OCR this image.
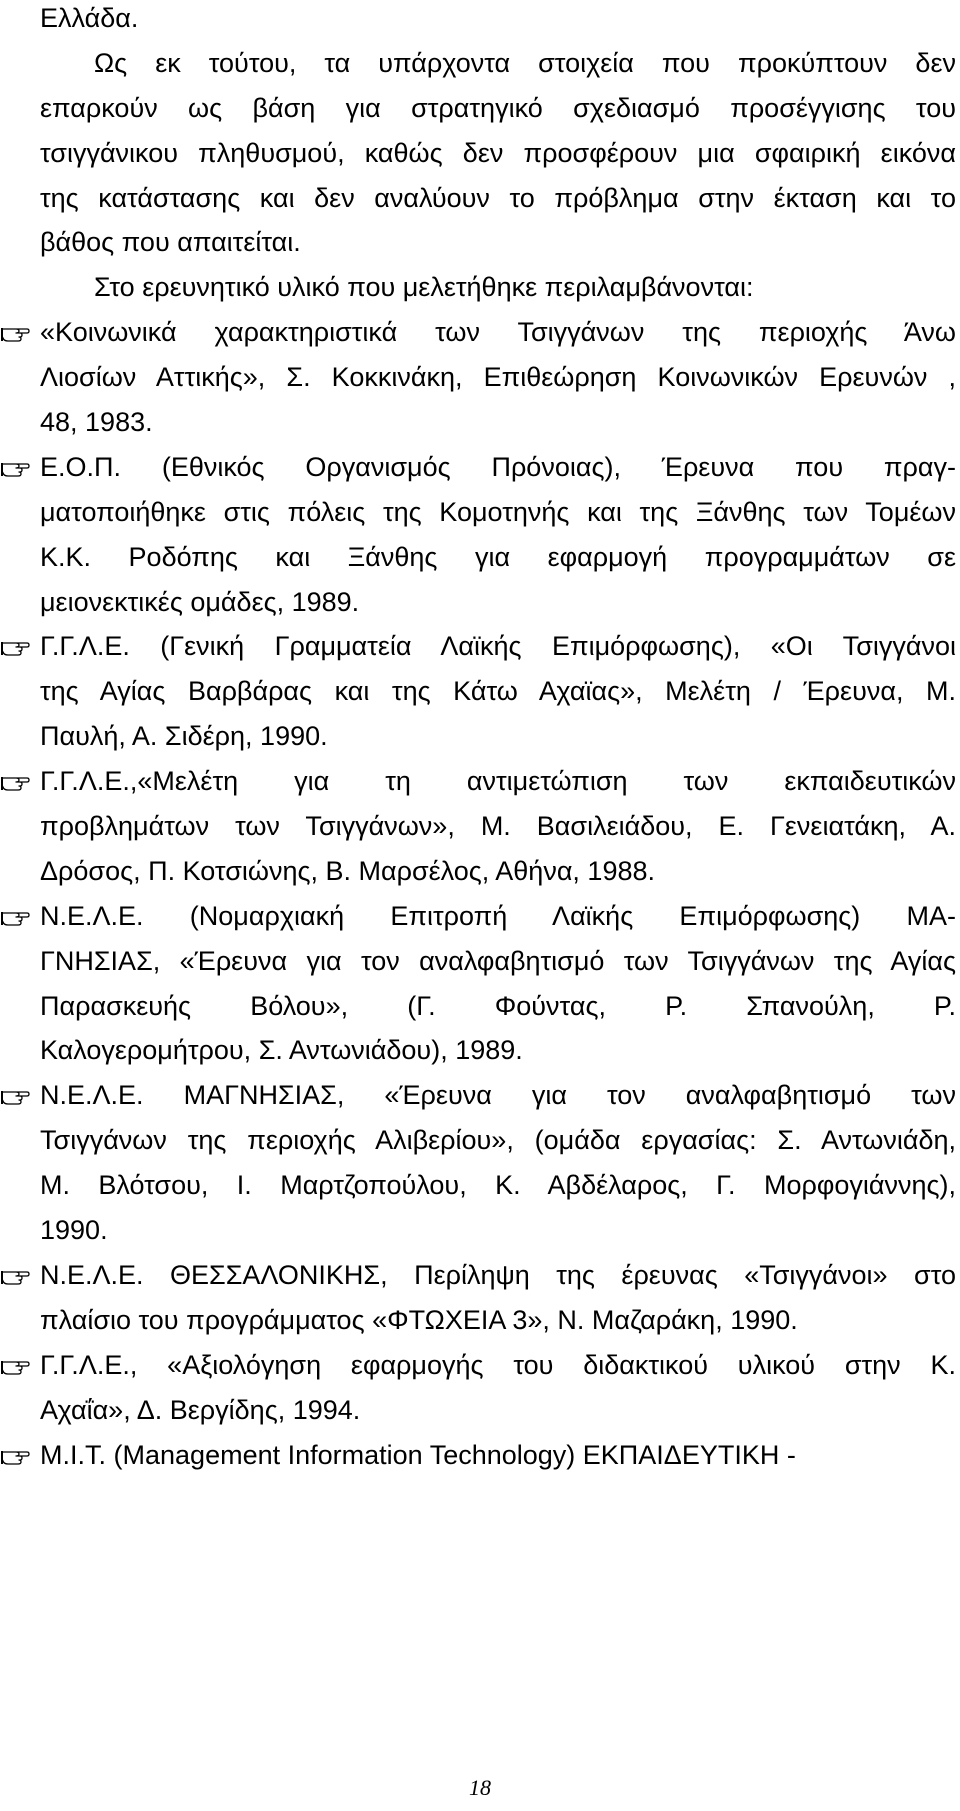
Ελλάδα.
Ως εκ τούτου, τα υπάρχοντα στοιχεία που προκύπτουν δεν
επαρκούν ως βάση για στρατηγικό σχεδιασμό προσέγγισης του
τσιγγάνικου πληθυσμού, καθώς δεν προσφέρουν μια σφαιρική εικόνα
της κατάστασης και δεν αναλύουν το πρόβλημα στην έκταση και το
βάθος που απαιτείται.
Στο ερευνητικό υλικό που μελετήθηκε περιλαμβάνονται:
«Κοινωνικά χαρακτηριστικά των Τσιγγάνων της περιοχής Άνω
Λιοσίων Αττικής», Σ. Κοκκινάκη, Επιθεώρηση Κοινωνικών Ερευνών ,
48, 1983.
Ε.Ο.Π. (Εθνικός Οργανισμός Πρόνοιας), Έρευνα που πραγ-
ματοποιήθηκε στις πόλεις της Κομοτηνής και της Ξάνθης των Τομέων
Κ.Κ. Ροδόπης και Ξάνθης για εφαρμογή προγραμμάτων σε
μειονεκτικές ομάδες, 1989.
Γ.Γ.Λ.Ε. (Γενική Γραμματεία Λαϊκής Επιμόρφωσης), «Οι Τσιγγάνοι
της Αγίας Βαρβάρας και της Κάτω Αχαϊας», Μελέτη / Έρευνα, Μ.
Παυλή, Α. Σιδέρη, 1990.
Γ.Γ.Λ.Ε.,«Μελέτη για τη αντιμετώπιση των εκπαιδευτικών
προβλημάτων των Τσιγγάνων», Μ. Βασιλειάδου, Ε. Γενειατάκη, Α.
Δρόσος, Π. Κοτσιώνης, Β. Μαρσέλος, Αθήνα, 1988.
Ν.Ε.Λ.Ε. (Νομαρχιακή Επιτροπή Λαϊκής Επιμόρφωσης) ΜΑ-
ΓΝΗΣΙΑΣ, «Έρευνα για τον αναλφαβητισμό των Τσιγγάνων της Αγίας
Παρασκευής Βόλου», (Γ. Φούντας, Ρ. Σπανούλη, Ρ.
Καλογερομήτρου, Σ. Αντωνιάδου), 1989.
Ν.Ε.Λ.Ε. ΜΑΓΝΗΣΙΑΣ, «Έρευνα για τον αναλφαβητισμό των
Τσιγγάνων της περιοχής Αλιβερίου», (ομάδα εργασίας: Σ. Αντωνιάδη,
Μ. Βλότσου, Ι. Μαρτζοπούλου, Κ. Αβδέλαρος, Γ. Μορφογιάννης),
1990.
Ν.Ε.Λ.Ε. ΘΕΣΣΑΛΟΝΙΚΗΣ, Περίληψη της έρευνας «Τσιγγάνοι» στο
πλαίσιο του προγράμματος «ΦΤΩΧΕΙΑ 3», Ν. Μαζαράκη, 1990.
Γ.Γ.Λ.Ε., «Αξιολόγηση εφαρμογής του διδακτικού υλικού στην Κ.
Αχαΐα», Δ. Βεργίδης, 1994.
Μ.Ι.Τ. (Management Information Technology) ΕΚΠΑΙΔΕΥΤΙΚΗ -
18
